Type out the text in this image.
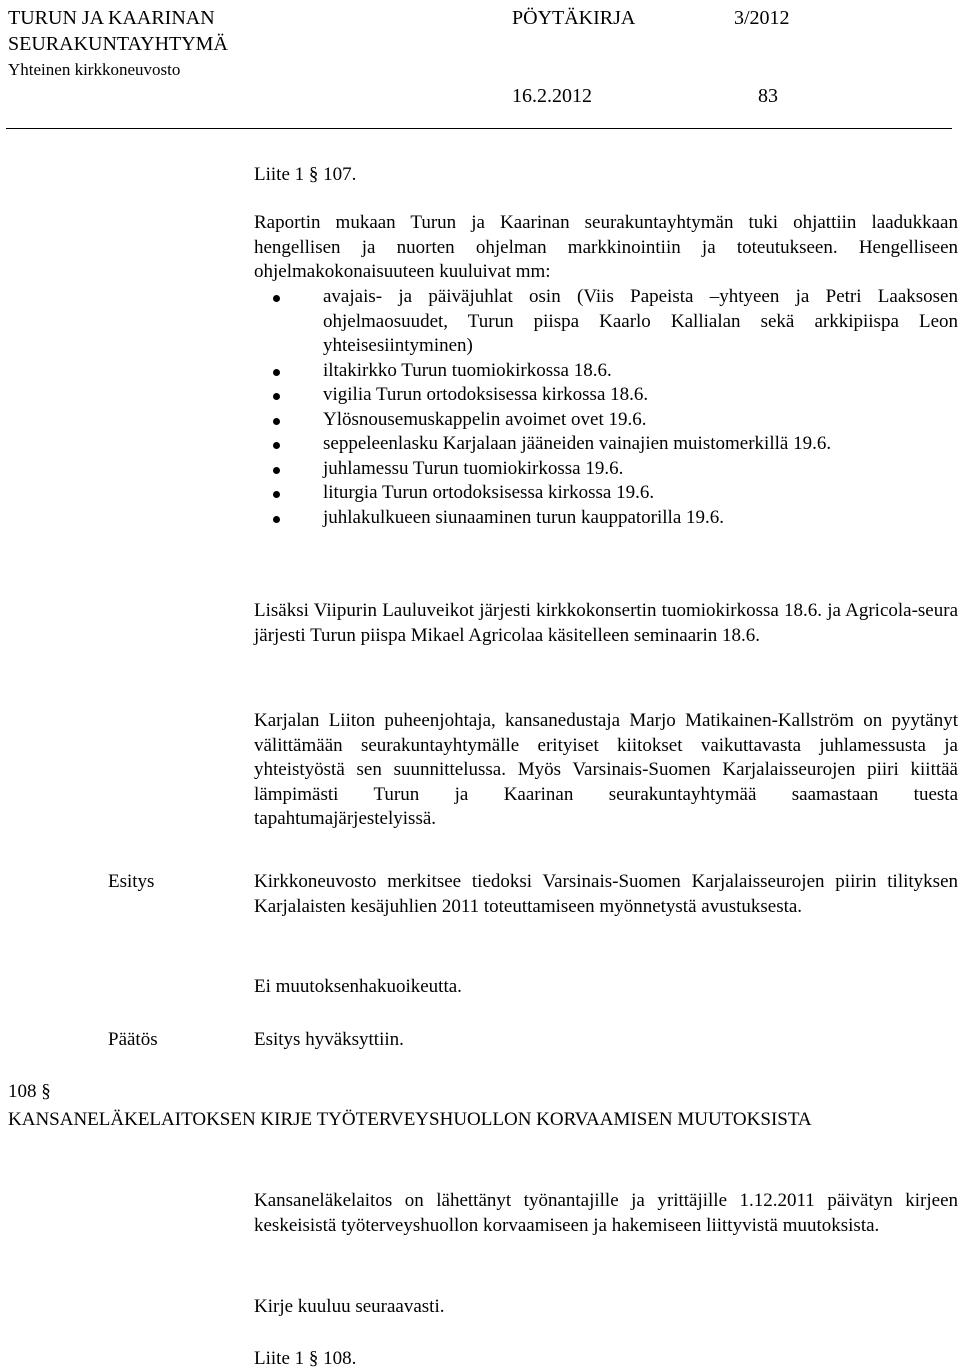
TURUN JA KAARINAN
SEURAKUNTAYHTYMÄ
Yhteinen kirkkoneuvosto
PÖYTÄKIRJA	3/2012
16.2.2012	83
Liite 1 § 107.

Raportin mukaan Turun ja Kaarinan seurakuntayhtymän tuki ohjattiin laadukkaan hengellisen ja nuorten ohjelman markkinointiin ja toteutukseen. Hengelliseen ohjelmakokonaisuuteen kuuluivat mm:

avajais- ja päiväjuhlat osin (Viis Papeista –yhtyeen ja Petri Laaksosen ohjelmaosuudet, Turun piispa Kaarlo Kallialan sekä arkkipiispa Leon yhteisesiintyminen)
iltakirkko Turun tuomiokirkossa 18.6.
vigilia Turun ortodoksisessa kirkossa 18.6.
Ylösnousemuskappelin avoimet ovet 19.6.
seppeleenlasku Karjalaan jääneiden vainajien muistomerkillä 19.6.
juhlamessu Turun tuomiokirkossa 19.6.
liturgia Turun ortodoksisessa kirkossa 19.6.
juhlakulkueen siunaaminen turun kauppatorilla 19.6.

Lisäksi Viipurin Lauluveikot järjesti kirkkokonsertin tuomiokirkossa 18.6. ja Agricola-seura järjesti Turun piispa Mikael Agricolaa käsitelleen seminaarin 18.6.

Karjalan Liiton puheenjohtaja, kansanedustaja Marjo Matikainen-Kallström on pyytänyt välittämään seurakuntayhtymälle erityiset kiitokset vaikuttavasta juhlamessusta ja yhteistyöstä sen suunnittelussa. Myös Varsinais-Suomen Karjalaisseurojen piiri kiittää lämpimästi Turun ja Kaarinan seurakuntayhtymää saamastaan tuesta tapahtumajärjestelyissä.

Esitys	Kirkkoneuvosto merkitsee tiedoksi Varsinais-Suomen Karjalaisseurojen piirin tilityksen Karjalaisten kesäjuhlien 2011 toteuttamiseen myönnetystä avustuksesta.

Ei muutoksenhakuoikeutta.
Päätös	Esitys hyväksyttiin.
108 §
KANSANELÄKELAITOKSEN KIRJE TYÖTERVEYSHUOLLON KORVAAMISEN MUUTOKSISTA

Kansaneläkelaitos on lähettänyt työnantajille ja yrittäjille 1.12.2011 päivätyn kirjeen keskeisistä työterveyshuollon korvaamiseen ja hakemiseen liittyvistä muutoksista.

Kirje kuuluu seuraavasti.
Liite 1 § 108.
